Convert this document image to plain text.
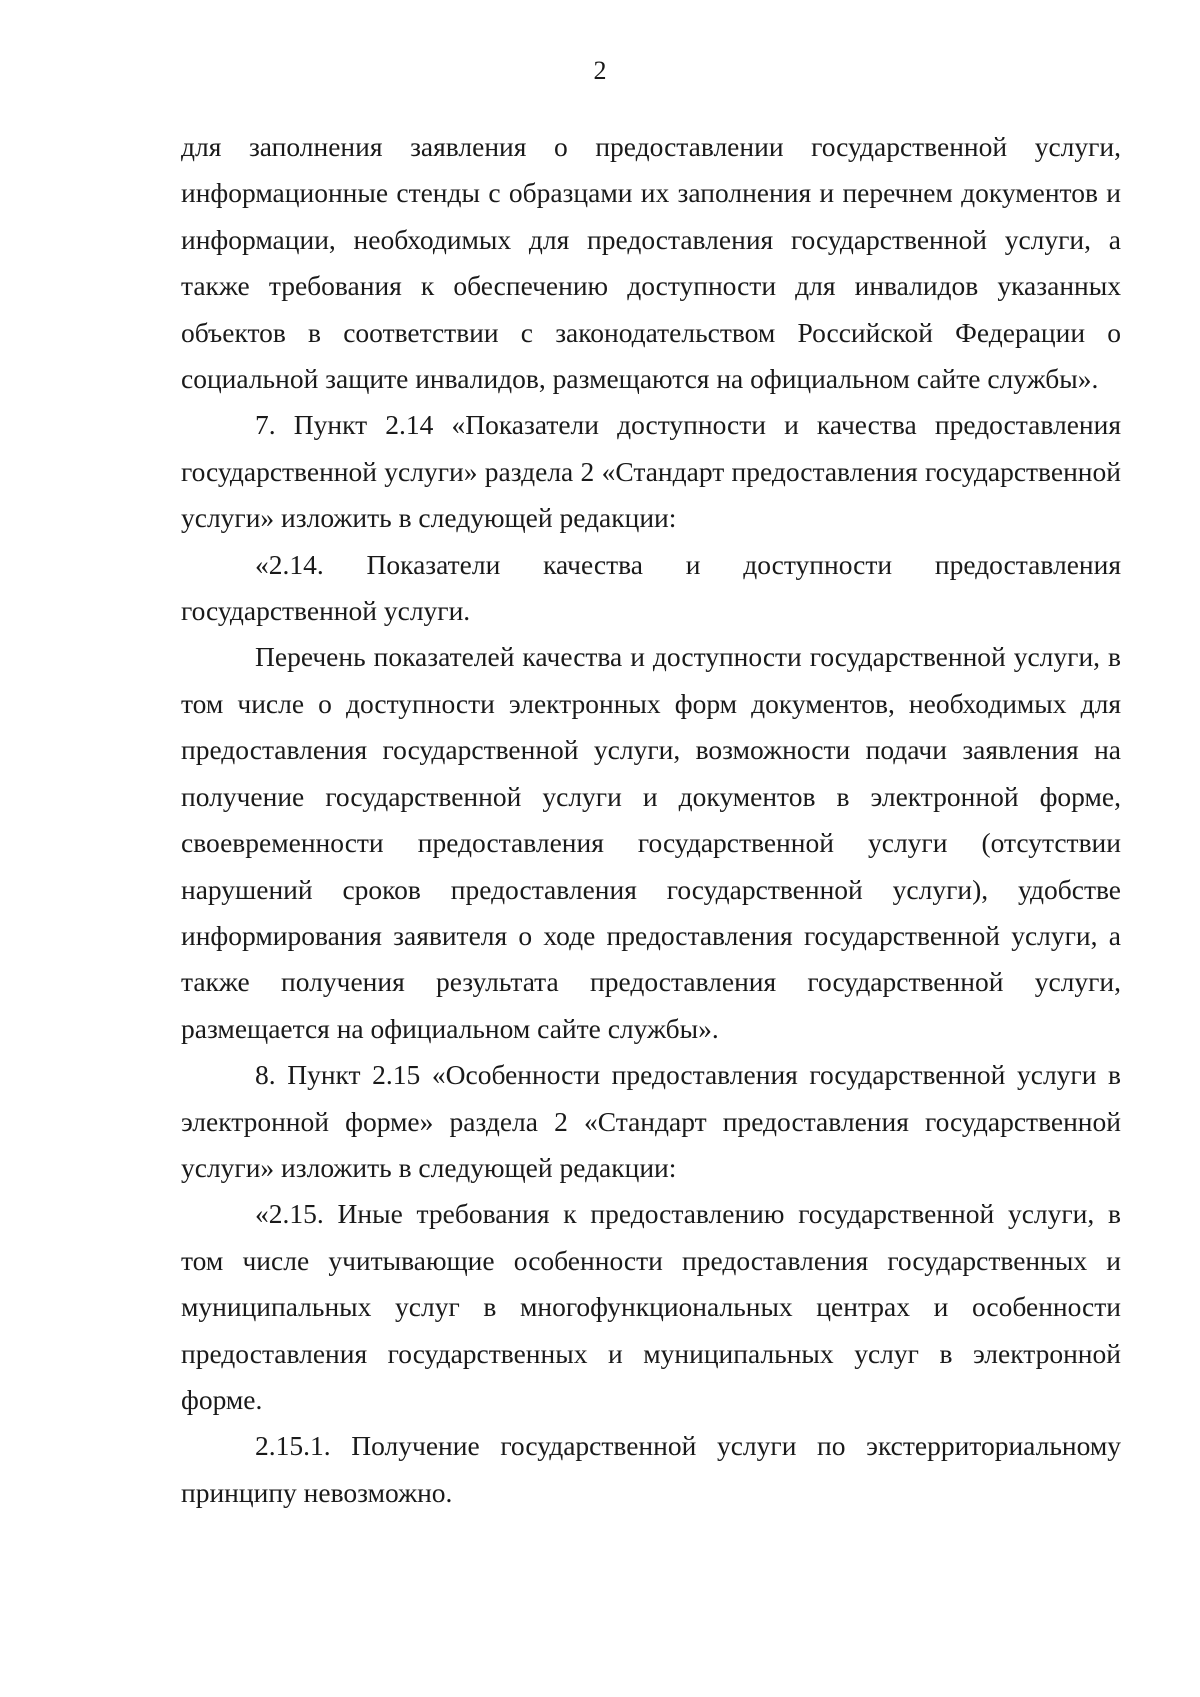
2

для заполнения заявления о предоставлении государственной услуги, информационные стенды с образцами их заполнения и перечнем документов и информации, необходимых для предоставления государственной услуги, а также требования к обеспечению доступности для инвалидов указанных объектов в соответствии с законодательством Российской Федерации о социальной защите инвалидов, размещаются на официальном сайте службы».

7. Пункт 2.14 «Показатели доступности и качества предоставления государственной услуги» раздела 2 «Стандарт предоставления государственной услуги» изложить в следующей редакции:

«2.14. Показатели качества и доступности предоставления государственной услуги.

Перечень показателей качества и доступности государственной услуги, в том числе о доступности электронных форм документов, необходимых для предоставления государственной услуги, возможности подачи заявления на получение государственной услуги и документов в электронной форме, своевременности предоставления государственной услуги (отсутствии нарушений сроков предоставления государственной услуги), удобстве информирования заявителя о ходе предоставления государственной услуги, а также получения результата предоставления государственной услуги, размещается на официальном сайте службы».

8. Пункт 2.15 «Особенности предоставления государственной услуги в электронной форме» раздела 2 «Стандарт предоставления государственной услуги» изложить в следующей редакции:

«2.15. Иные требования к предоставлению государственной услуги, в том числе учитывающие особенности предоставления государственных и муниципальных услуг в многофункциональных центрах и особенности предоставления государственных и муниципальных услуг в электронной форме.

2.15.1. Получение государственной услуги по экстерриториальному принципу невозможно.
